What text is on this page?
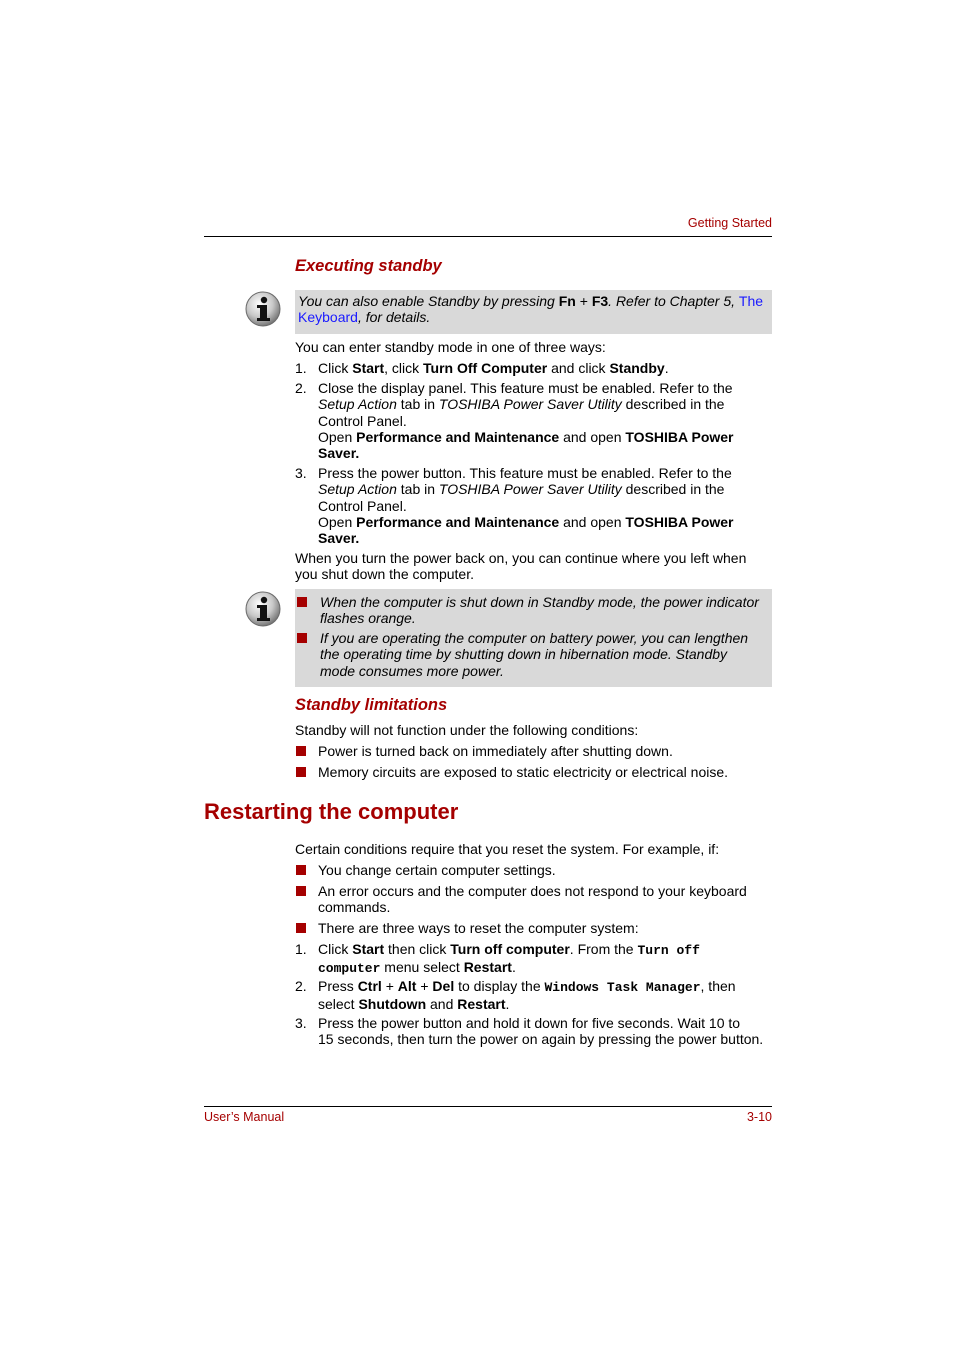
Getting Started
Executing standby
You can also enable Standby by pressing Fn + F3. Refer to Chapter 5, The Keyboard, for details.
You can enter standby mode in one of three ways:
1. Click Start, click Turn Off Computer and click Standby.
2. Close the display panel. This feature must be enabled. Refer to the
Setup Action tab in TOSHIBA Power Saver Utility described in the
Control Panel.
Open Performance and Maintenance and open TOSHIBA Power
Saver.
3. Press the power button. This feature must be enabled. Refer to the
Setup Action tab in TOSHIBA Power Saver Utility described in the
Control Panel.
Open Performance and Maintenance and open TOSHIBA Power
Saver.
When you turn the power back on, you can continue where you left when
you shut down the computer.
When the computer is shut down in Standby mode, the power indicator
flashes orange.
If you are operating the computer on battery power, you can lengthen
the operating time by shutting down in hibernation mode. Standby
mode consumes more power.
Standby limitations
Standby will not function under the following conditions:
Power is turned back on immediately after shutting down.
Memory circuits are exposed to static electricity or electrical noise.
Restarting the computer
Certain conditions require that you reset the system. For example, if:
You change certain computer settings.
An error occurs and the computer does not respond to your keyboard
commands.
There are three ways to reset the computer system:
1. Click Start then click Turn off computer. From the Turn off
computer menu select Restart.
2. Press Ctrl + Alt + Del to display the Windows Task Manager, then
select Shutdown and Restart.
3. Press the power button and hold it down for five seconds. Wait 10 to
15 seconds, then turn the power on again by pressing the power button.
User’s Manual	3-10
